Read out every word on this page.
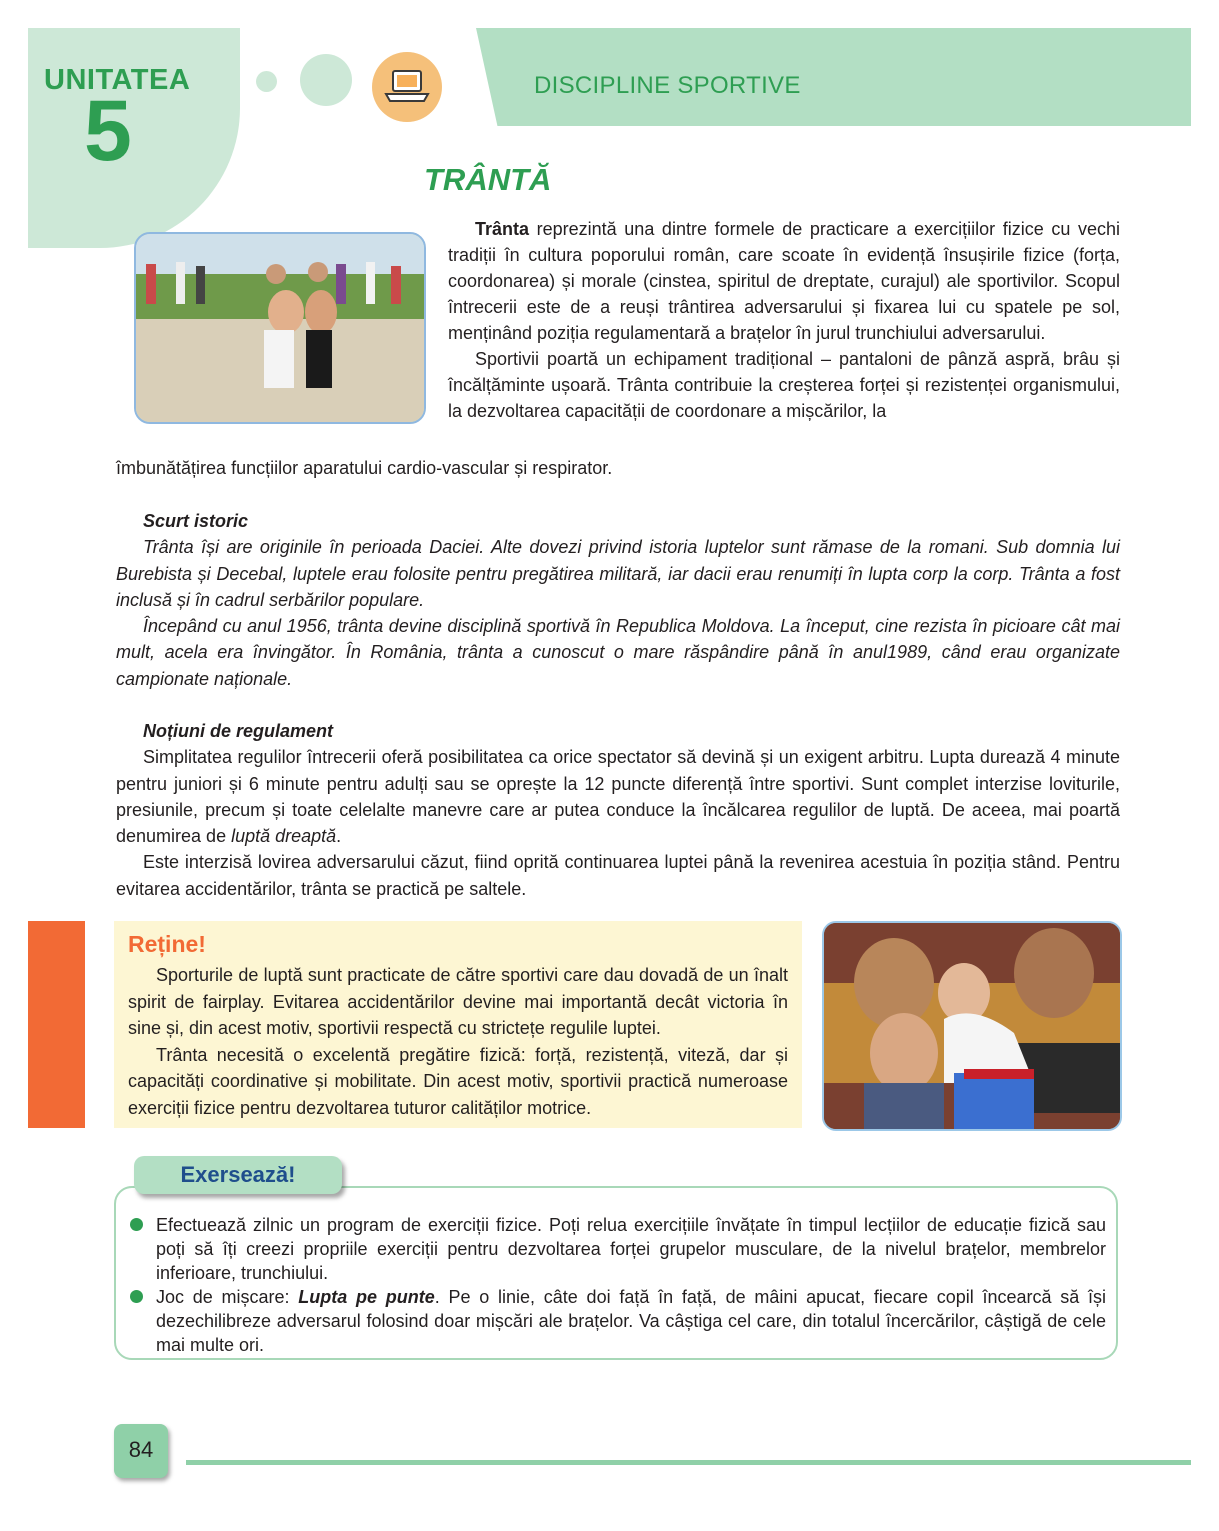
UNITATEA
5	DISCIPLINE SPORTIVE
TRÂNTĂ

Trânta reprezintă una dintre formele de practicare a exercițiilor fizice cu vechi tradiții în cultura poporului român, care scoate în evidență însușirile fizice (forța, coordonarea) și morale (cinstea, spiritul de dreptate, curajul) ale sportivilor. Scopul întrecerii este de a reuși trântirea adversarului și fixarea lui cu spatele pe sol, menținând poziția regulamentară a brațelor în jurul trunchiului adversarului.

Sportivii poartă un echipament tradițional – pantaloni de pânză aspră, brâu și încălțăminte ușoară. Trânta contribuie la creșterea forței și rezistenței organismului, la dezvoltarea capacității de coordonare a mișcărilor, la

îmbunătățirea funcțiilor aparatului cardio-vascular și respirator.

Scurt istoric

Trânta își are originile în perioada Daciei. Alte dovezi privind istoria luptelor sunt rămase de la romani. Sub domnia lui Burebista și Decebal, luptele erau folosite pentru pregătirea militară, iar dacii erau renumiți în lupta corp la corp. Trânta a fost inclusă și în cadrul serbărilor populare.

Începând cu anul 1956, trânta devine disciplină sportivă în Republica Moldova. La început, cine rezista în picioare cât mai mult, acela era învingător. În România, trânta a cunoscut o mare răspândire până în anul1989, când erau organizate campionate naționale.

Noțiuni de regulament

Simplitatea regulilor întrecerii oferă posibilitatea ca orice spectator să devină și un exigent arbitru. Lupta durează 4 minute pentru juniori și 6 minute pentru adulți sau se oprește la 12 puncte diferență între sportivi. Sunt complet interzise loviturile, presiunile, precum și toate celelalte manevre care ar putea conduce la încălcarea regulilor de luptă. De aceea, mai poartă denumirea de luptă dreaptă.

Este interzisă lovirea adversarului căzut, fiind oprită continuarea luptei până la revenirea acestuia în poziția stând. Pentru evitarea accidentărilor, trânta se practică pe saltele.

Reține!

Sporturile de luptă sunt practicate de către sportivi care dau dovadă de un înalt spirit de fairplay. Evitarea accidentărilor devine mai importantă decât victoria în sine și, din acest motiv, sportivii respectă cu strictețe regulile luptei.

Trânta necesită o excelentă pregătire fizică: forță, rezistență, viteză, dar și capacități coordinative și mobilitate. Din acest motiv, sportivii practică numeroase exerciții fizice pentru dezvoltarea tuturor calităților motrice.

Exersează!
Efectuează zilnic un program de exerciții fizice. Poți relua exercițiile învățate în timpul lecțiilor de educație fizică sau poți să îți creezi propriile exerciții pentru dezvoltarea forței grupelor musculare, de la nivelul brațelor, membrelor inferioare, trunchiului.
Joc de mișcare: Lupta pe punte. Pe o linie, câte doi față în față, de mâini apucat, fiecare copil încearcă să își dezechilibreze adversarul folosind doar mișcări ale brațelor. Va câștiga cel care, din totalul încercărilor, câștigă de cele mai multe ori.
84
